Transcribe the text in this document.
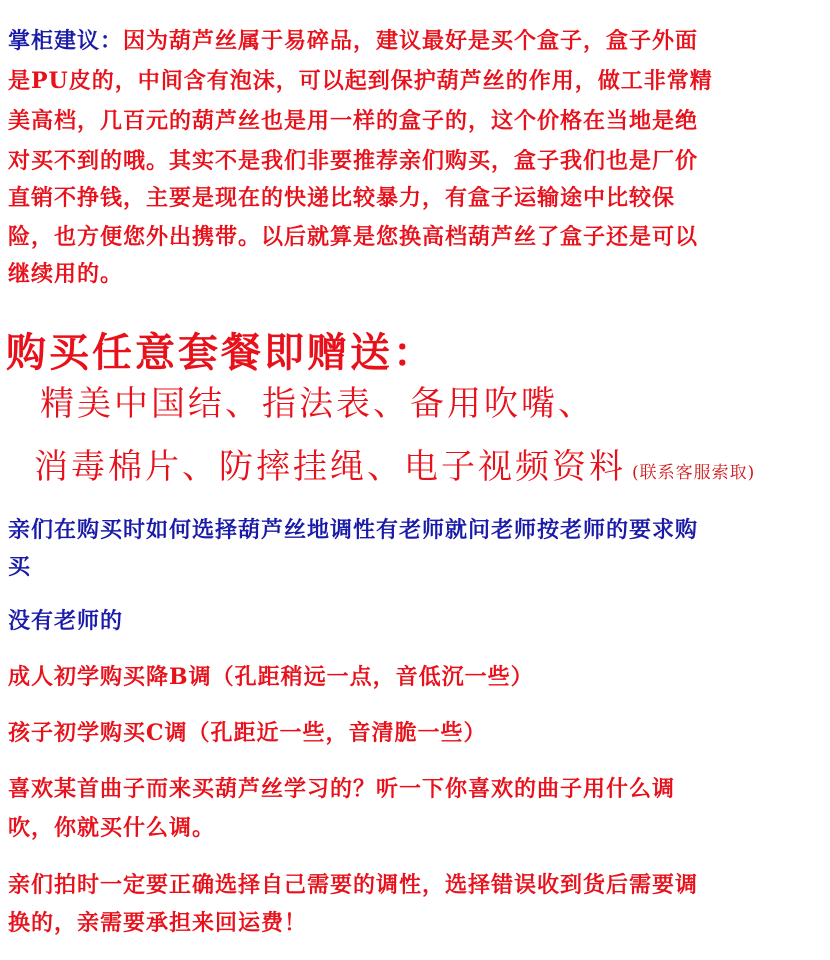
掌柜建议：因为葫芦丝属于易碎品，建议最好是买个盒子，盒子外面
是PU皮的，中间含有泡沫，可以起到保护葫芦丝的作用，做工非常精
美高档，几百元的葫芦丝也是用一样的盒子的，这个价格在当地是绝
对买不到的哦。其实不是我们非要推荐亲们购买，盒子我们也是厂价
直销不挣钱，主要是现在的快递比较暴力，有盒子运输途中比较保
险，也方便您外出携带。以后就算是您换高档葫芦丝了盒子还是可以
继续用的。
购买任意套餐即赠送：
精美中国结、指法表、备用吹嘴、
消毒棉片、防摔挂绳、电子视频资料 (联系客服索取)
亲们在购买时如何选择葫芦丝地调性有老师就问老师按老师的要求购
买
没有老师的
成人初学购买降B调（孔距稍远一点，音低沉一些）
孩子初学购买C调（孔距近一些，音清脆一些）
喜欢某首曲子而来买葫芦丝学习的？听一下你喜欢的曲子用什么调
吹，你就买什么调。
亲们拍时一定要正确选择自己需要的调性，选择错误收到货后需要调
换的，亲需要承担来回运费！
